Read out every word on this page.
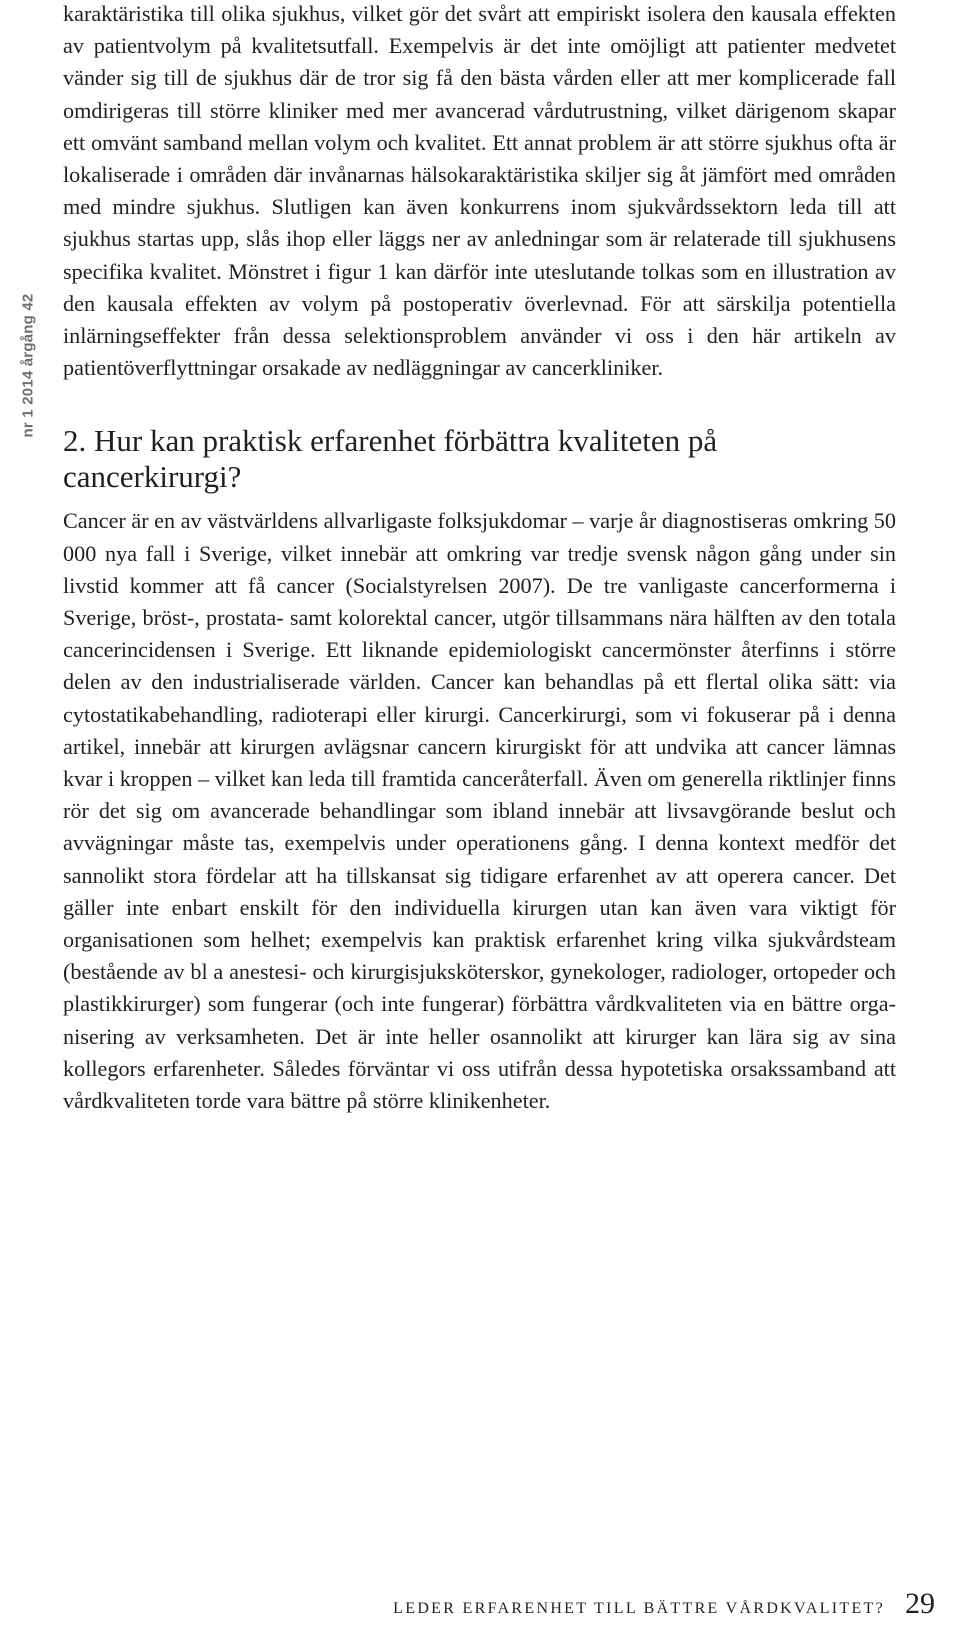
nr 1 2014 årgång 42

karaktäristika till olika sjukhus, vilket gör det svårt att empiriskt isolera den kausala effekten av patientvolym på kvalitetsutfall. Exempelvis är det inte omöjligt att patienter medvetet vänder sig till de sjukhus där de tror sig få den bästa vården eller att mer komplicerade fall omdirigeras till större kliniker med mer avancerad vårdutrustning, vilket därigenom skapar ett omvänt samband mellan volym och kvalitet. Ett annat problem är att större sjukhus ofta är lokaliserade i områden där invånarnas hälsokaraktäristika skiljer sig åt jämfört med områden med mindre sjukhus. Slutligen kan även konkurrens inom sjukvårdssektorn leda till att sjukhus startas upp, slås ihop eller läggs ner av anledningar som är relaterade till sjukhusens specifika kvalitet. Mönstret i figur 1 kan därför inte uteslutande tolkas som en illustration av den kausala effekten av volym på postoperativ överlevnad. För att särskilja potentiella inlärningseffekter från dessa selektionsproblem använder vi oss i den här artikeln av patientöverflyttningar orsakade av nedläggningar av cancerkliniker.

2. Hur kan praktisk erfarenhet förbättra kvaliteten på cancerkirurgi?

Cancer är en av västvärldens allvarligaste folksjukdomar – varje år diagnostiseras omkring 50 000 nya fall i Sverige, vilket innebär att omkring var tredje svensk någon gång under sin livstid kommer att få cancer (Socialstyrelsen 2007). De tre vanligaste cancerformerna i Sverige, bröst-, prostata- samt kolorektal cancer, utgör tillsammans nära hälften av den totala cancerincidensen i Sverige. Ett liknande epidemiologiskt cancermönster återfinns i större delen av den industrialiserade världen. Cancer kan behandlas på ett flertal olika sätt: via cytostatikabehandling, radioterapi eller kirurgi. Cancerkirurgi, som vi fokuserar på i denna artikel, innebär att kirurgen avlägsnar cancern kirurgiskt för att undvika att cancer lämnas kvar i kroppen – vilket kan leda till framtida canceråterfall. Även om generella riktlinjer finns rör det sig om avancerade behandlingar som ibland innebär att livsavgörande beslut och avvägningar måste tas, exempelvis under operationens gång. I denna kontext medför det sannolikt stora fördelar att ha tillskansat sig tidigare erfarenhet av att operera cancer. Det gäller inte enbart enskilt för den individuella kirurgen utan kan även vara viktigt för organisationen som helhet; exempelvis kan praktisk erfarenhet kring vilka sjukvårdsteam (bestående av bl a anestesi- och kirurgisjuksköterskor, gynekologer, radiologer, ortopeder och plastikkirurger) som fungerar (och inte fungerar) förbättra vårdkvaliteten via en bättre organisering av verksamheten. Det är inte heller osannolikt att kirurger kan lära sig av sina kollegors erfarenheter. Således förväntar vi oss utifrån dessa hypotetiska orsakssamband att vårdkvaliteten torde vara bättre på större klinikenheter.

LEDER ERFARENHET TILL BÄTTRE VÅRDKVALITET? 29
